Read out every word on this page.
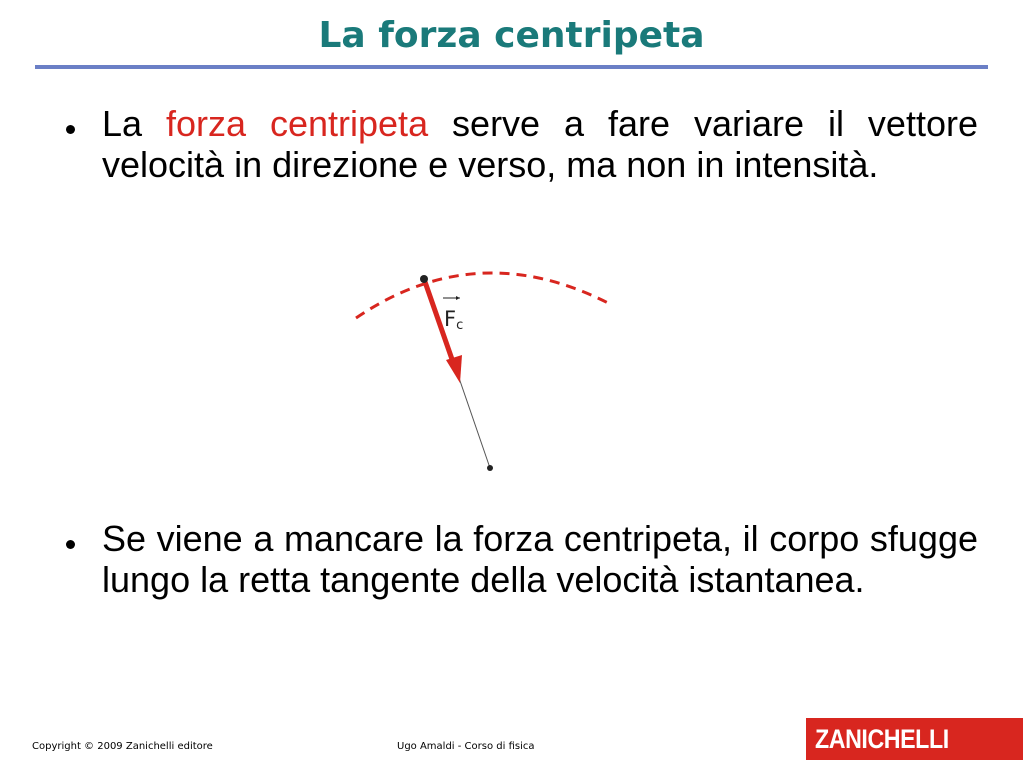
La forza centripeta
La forza centripeta serve a fare variare il vettore velocità in direzione e verso, ma non in intensità.
Fc
Se viene a mancare la forza centripeta, il corpo sfugge lungo la retta tangente della velocità istantanea.
Copyright © 2009 Zanichelli editore	Ugo Amaldi - Corso di fisica	ZANICHELLI
